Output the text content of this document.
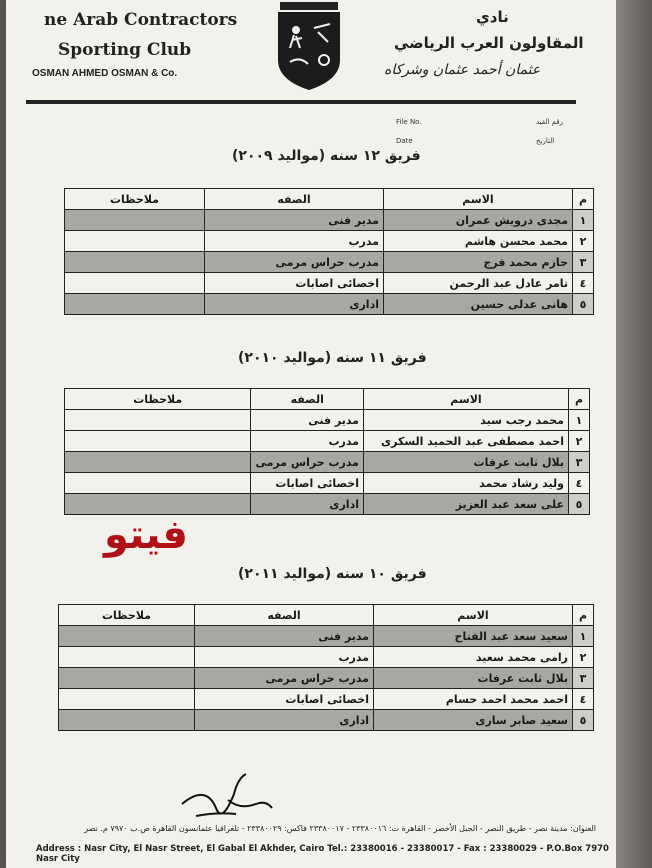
ne Arab Contractors
Sporting Club
OSMAN AHMED OSMAN & Co.
نادي
المقاولون العرب الرياضي
عثمان أحمد عثمان وشركاه
File No.	رقم القيد
Date	التاريخ
فريق ١٢ سنه (مواليد ٢٠٠٩)
م	الاسم	الصفه	ملاحظات
١	مجدى درويش عمران	مدير فنى	
٢	محمد محسن هاشم	مدرب	
٣	حازم محمد فرج	مدرب حراس مرمى	
٤	تامر عادل عبد الرحمن	اخصائى اصابات	
٥	هانى عدلى حسين	ادارى	
فريق ١١ سنه (مواليد ٢٠١٠)
م	الاسم	الصفه	ملاحظات
١	محمد رجب سيد	مدير فنى	
٢	احمد مصطفى عبد الحميد السكرى	مدرب	
٣	بلال ثابت عرفات	مدرب حراس مرمى	
٤	وليد رشاد محمد	اخصائى اصابات	
٥	على سعد عبد العزيز	ادارى	
فيتو
فريق ١٠ سنه (مواليد ٢٠١١)
م	الاسم	الصفه	ملاحظات
١	سعيد سعد عبد الفتاح	مدير فنى	
٢	رامى محمد سعيد	مدرب	
٣	بلال ثابت عرفات	مدرب حراس مرمى	
٤	احمد محمد احمد حسام	اخصائى اصابات	
٥	سعيد صابر سارى	ادارى	
العنوان: مدينة نصر - طريق النصر - الجبل الأخضر - القاهرة ت: ٢٣٣٨٠٠١٦ - ٢٣٣٨٠٠١٧ فاكس: ٢٣٣٨٠٠٢٩ - تلغرافيا عثمانسون القاهرة ص.ب ٧٩٧٠ م. نصر
Address : Nasr City, El Nasr Street, El Gabal El Akhder, Cairo Tel.: 23380016 - 23380017 - Fax : 23380029 - P.O.Box 7970 Nasr City
